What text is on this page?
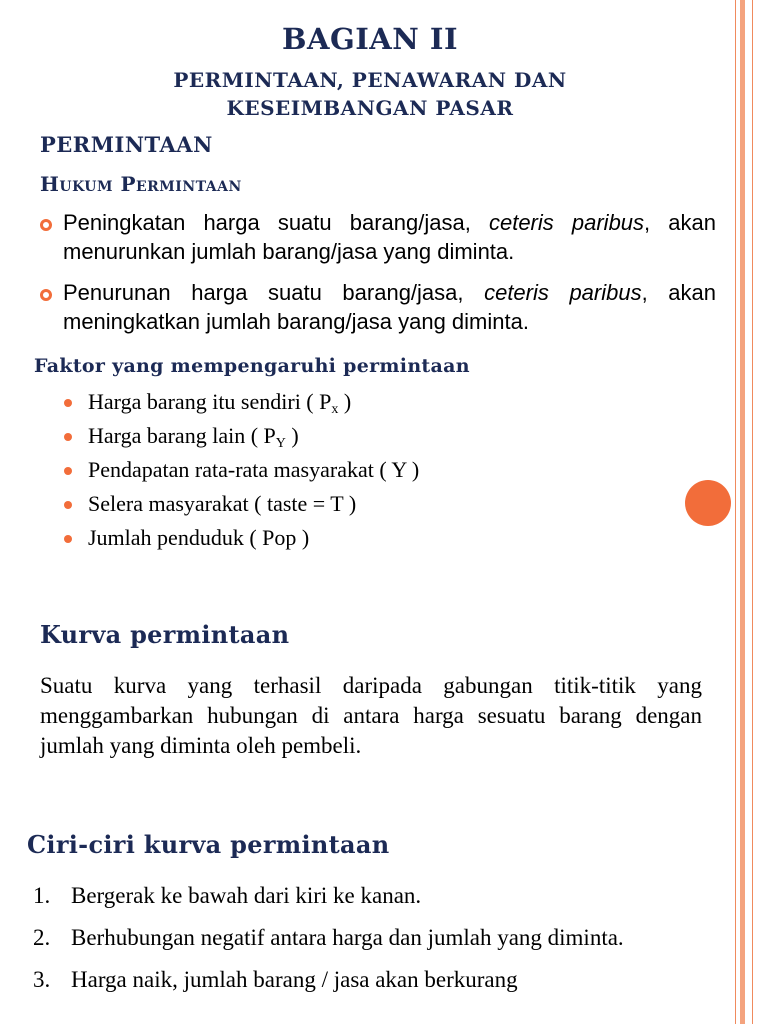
BAGIAN II
PERMINTAAN, PENAWARAN DAN
KESEIMBANGAN PASAR
PERMINTAAN
Hukum Permintaan
Peningkatan harga suatu barang/jasa, ceteris paribus, akan menurunkan jumlah barang/jasa yang diminta.
Penurunan harga suatu barang/jasa, ceteris paribus, akan meningkatkan jumlah barang/jasa yang diminta.
Faktor yang mempengaruhi permintaan
Harga barang itu sendiri ( $P_x$ )
Harga barang lain ( $P_Y$ )
Pendapatan rata-rata masyarakat ( Y )
Selera masyarakat ( taste = T )
Jumlah penduduk ( Pop )
Kurva permintaan

Suatu kurva yang terhasil daripada gabungan titik-titik yang menggambarkan hubungan di antara harga sesuatu barang dengan jumlah yang diminta oleh pembeli.

Ciri-ciri kurva permintaan
1. Bergerak ke bawah dari kiri ke kanan.
2. Berhubungan negatif antara harga dan jumlah yang diminta.
3. Harga naik, jumlah barang / jasa akan berkurang
